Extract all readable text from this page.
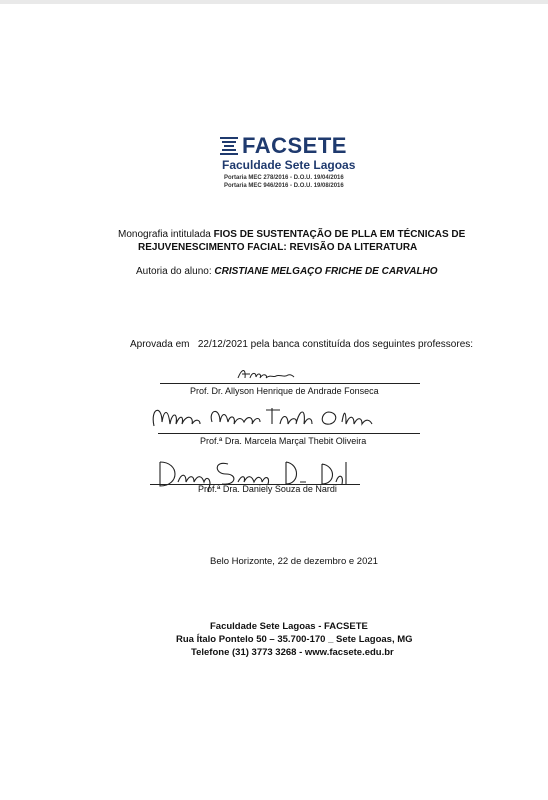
FACSETE
Faculdade Sete Lagoas
Portaria MEC 278/2016 - D.O.U. 19/04/2016
Portaria MEC 946/2016 - D.O.U. 19/08/2016
Monografia intitulada FIOS DE SUSTENTAÇÃO DE PLLA EM TÉCNICAS DE
REJUVENESCIMENTO FACIAL: REVISÃO DA LITERATURA
Autoria do aluno: CRISTIANE MELGAÇO FRICHE DE CARVALHO
Aprovada em 22/12/2021 pela banca constituída dos seguintes professores:
Prof. Dr. Allyson Henrique de Andrade Fonseca
Prof.ª Dra. Marcela Marçal Thebit Oliveira
Prof.ª Dra. Daniely Souza de Nardi
Belo Horizonte, 22 de dezembro e 2021
Faculdade Sete Lagoas - FACSETE
Rua Ítalo Pontelo 50 – 35.700-170 _ Sete Lagoas, MG
Telefone (31) 3773 3268 - www.facsete.edu.br
